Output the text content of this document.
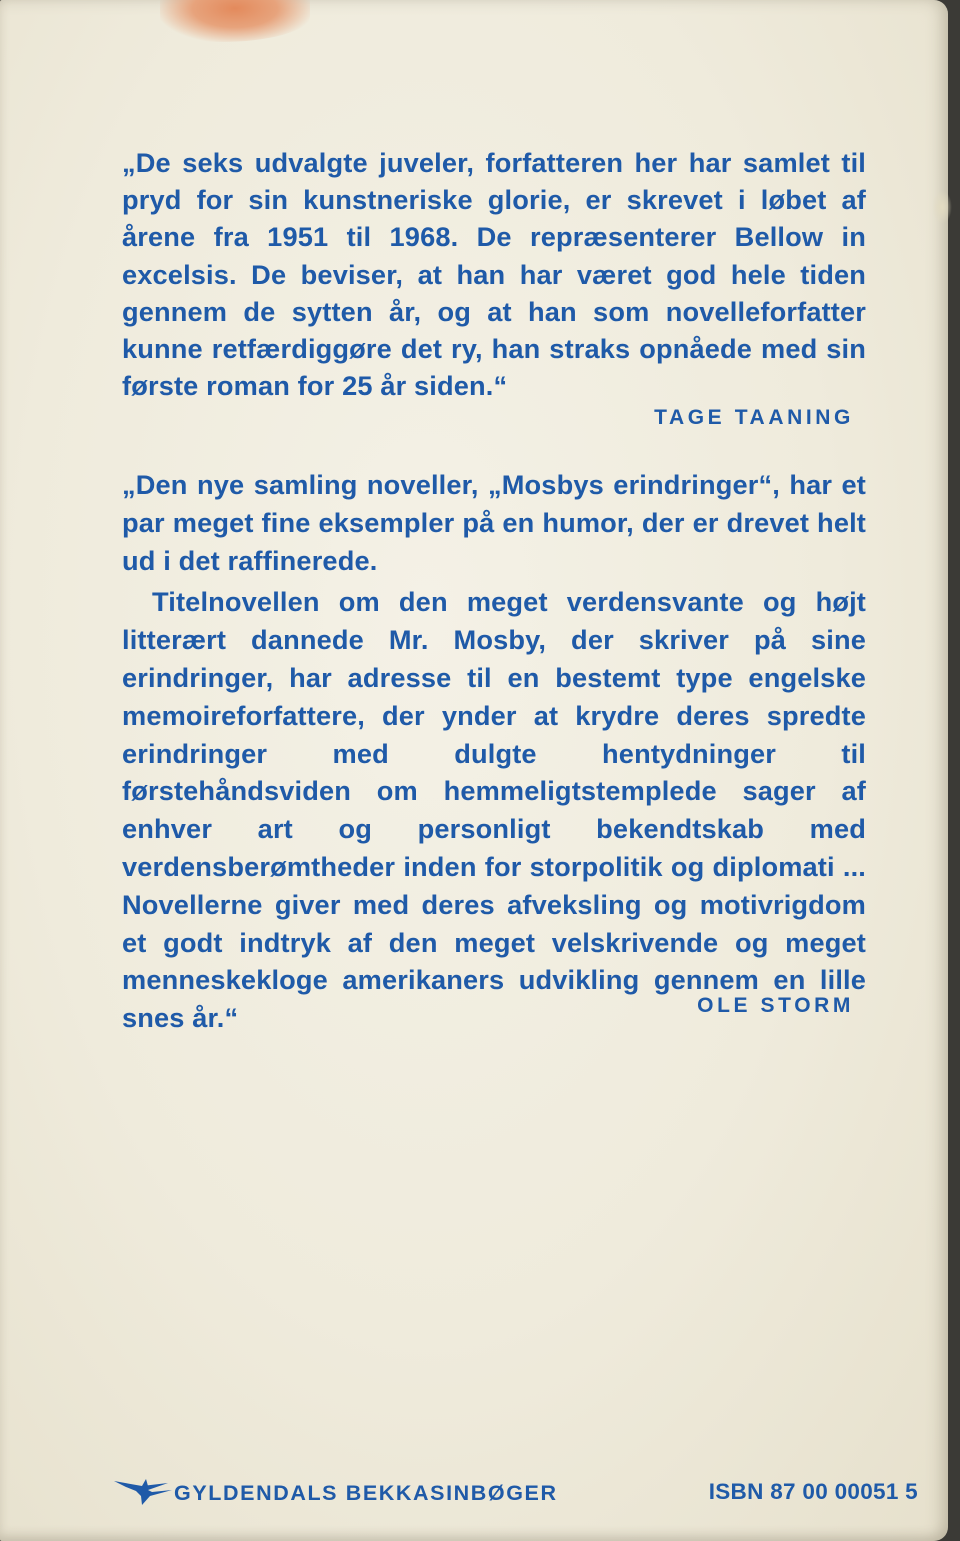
„De seks udvalgte juveler, forfatteren her har samlet til pryd for sin kunstneriske glorie, er skrevet i løbet af årene fra 1951 til 1968. De repræsenterer Bellow in excelsis. De beviser, at han har været god hele tiden gennem de sytten år, og at han som novelleforfatter kunne retfærdiggøre det ry, han straks opnåede med sin første roman for 25 år siden.“
TAGE TAANING

„Den nye samling noveller, „Mosbys erindringer“, har et par meget fine eksempler på en humor, der er drevet helt ud i det raffinerede.

Titelnovellen om den meget verdensvante og højt litterært dannede Mr. Mosby, der skriver på sine erindringer, har adresse til en bestemt type engelske memoireforfattere, der ynder at krydre deres spredte erindringer med dulgte hentydninger til førstehåndsviden om hemmeligtstemplede sager af enhver art og personligt bekendtskab med verdensberømtheder inden for storpolitik og diplomati ... Novellerne giver med deres afveksling og motivrigdom et godt indtryk af den meget velskrivende og meget menneskekloge amerikaners udvikling gennem en lille snes år.“	OLE STORM
GYLDENDALS BEKKASINBØGER	ISBN 87 00 00051 5
